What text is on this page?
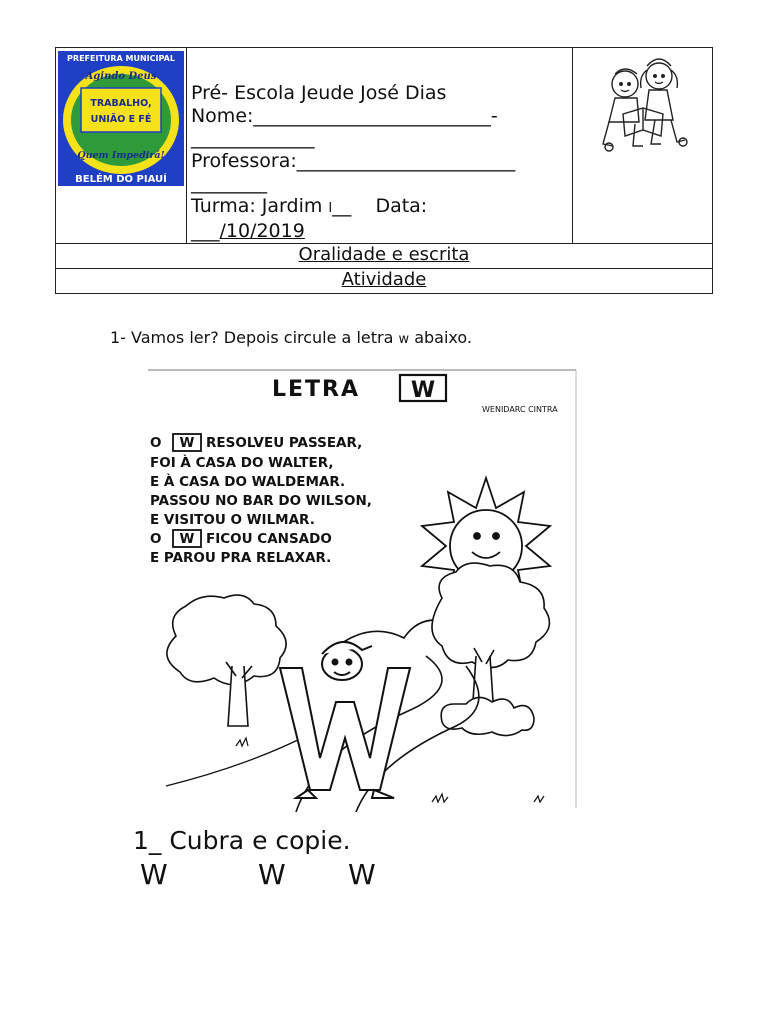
PREFEITURA MUNICIPAL
Agindo Deus
TRABALHO,
UNIÃO E FÉ
Quem Impedirá!
BELÉM DO PIAUÍ

Pré- Escola Jeude José Dias
Nome:_________________________-
_____________
Professora:_______________________
________
Turma: Jardim I__ Data:
___/10/2019

Oralidade e escrita
Atividade
1- Vamos ler? Depois circule a letra w abaixo.
LETRA W
WENIDARC CINTRA
O W RESOLVEU PASSEAR,
FOI À CASA DO WALTER,
E À CASA DO WALDEMAR.
PASSOU NO BAR DO WILSON,
E VISITOU O WILMAR.
O W FICOU CANSADO
E PAROU PRA RELAXAR.
1_ Cubra e copie.
W	W W
